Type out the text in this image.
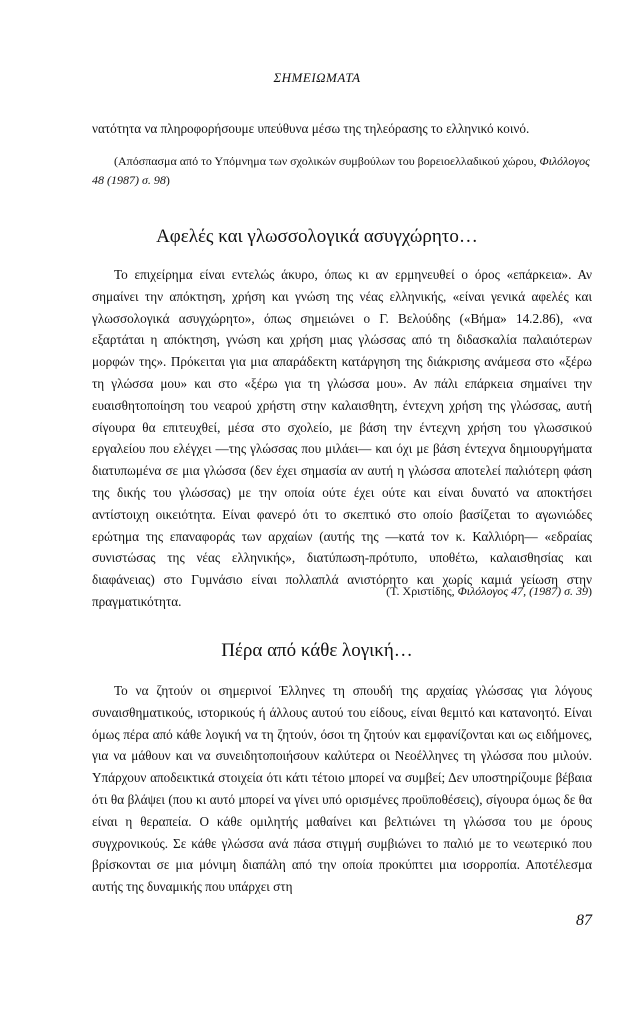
ΣΗΜΕΙΩΜΑΤΑ

νατότητα να πληροφορήσουμε υπεύθυνα μέσω της τηλεόρασης το ελληνικό κοινό.

(Απόσπασμα από το Υπόμνημα των σχολικών συμβούλων του βορειοελλαδικού χώρου, Φιλόλογος 48 (1987) σ. 98)

Αφελές και γλωσσολογικά ασυγχώρητο…

Το επιχείρημα είναι εντελώς άκυρο, όπως κι αν ερμηνευθεί ο όρος «επάρκεια». Αν σημαίνει την απόκτηση, χρήση και γνώση της νέας ελληνικής, «είναι γενικά αφελές και γλωσσολογικά ασυγχώρητο», όπως σημειώνει ο Γ. Βελούδης («Βήμα» 14.2.86), «να εξαρτάται η απόκτηση, γνώση και χρήση μιας γλώσσας από τη διδασκαλία παλαιότερων μορφών της». Πρόκειται για μια απαράδεκτη κατάργηση της διάκρισης ανάμεσα στο «ξέρω τη γλώσσα μου» και στο «ξέρω για τη γλώσσα μου». Αν πάλι επάρκεια σημαίνει την ευαισθητοποίηση του νεαρού χρήστη στην καλαισθητη, έντεχνη χρήση της γλώσσας, αυτή σίγουρα θα επιτευχθεί, μέσα στο σχολείο, με βάση την έντεχνη χρήση του γλωσσικού εργαλείου που ελέγχει —της γλώσσας που μιλάει— και όχι με βάση έντεχνα δημιουργήματα διατυπωμένα σε μια γλώσσα (δεν έχει σημασία αν αυτή η γλώσσα αποτελεί παλιότερη φάση της δικής του γλώσσας) με την οποία ούτε έχει ούτε και είναι δυνατό να αποκτήσει αντίστοιχη οικειότητα. Είναι φανερό ότι το σκεπτικό στο οποίο βασίζεται το αγωνιώδες ερώτημα της επαναφοράς των αρχαίων (αυτής της —κατά τον κ. Καλλιόρη— «εδραίας συνιστώσας της νέας ελληνικής», διατύπωση-πρότυπο, υποθέτω, καλαισθησίας και διαφάνειας) στο Γυμνάσιο είναι πολλαπλά ανιστόρητο και χωρίς καμιά γείωση στην πραγματικότητα.

(Τ. Χριστίδης, Φιλόλογος 47, (1987) σ. 39)

Πέρα από κάθε λογική…

Το να ζητούν οι σημερινοί Έλληνες τη σπουδή της αρχαίας γλώσσας για λόγους συναισθηματικούς, ιστορικούς ή άλλους αυτού του είδους, είναι θεμιτό και κατανοητό. Είναι όμως πέρα από κάθε λογική να τη ζητούν, όσοι τη ζητούν και εμφανίζονται και ως ειδήμονες, για να μάθουν και να συνειδητοποιήσουν καλύτερα οι Νεοέλληνες τη γλώσσα που μιλούν. Υπάρχουν αποδεικτικά στοιχεία ότι κάτι τέτοιο μπορεί να συμβεί; Δεν υποστηρίζουμε βέβαια ότι θα βλάψει (που κι αυτό μπορεί να γίνει υπό ορισμένες προϋποθέσεις), σίγουρα όμως δε θα είναι η θεραπεία. Ο κάθε ομιλητής μαθαίνει και βελτιώνει τη γλώσσα του με όρους συγχρονικούς. Σε κάθε γλώσσα ανά πάσα στιγμή συμβιώνει το παλιό με το νεωτερικό που βρίσκονται σε μια μόνιμη διαπάλη από την οποία προκύπτει μια ισορροπία. Αποτέλεσμα αυτής της δυναμικής που υπάρχει στη

87
